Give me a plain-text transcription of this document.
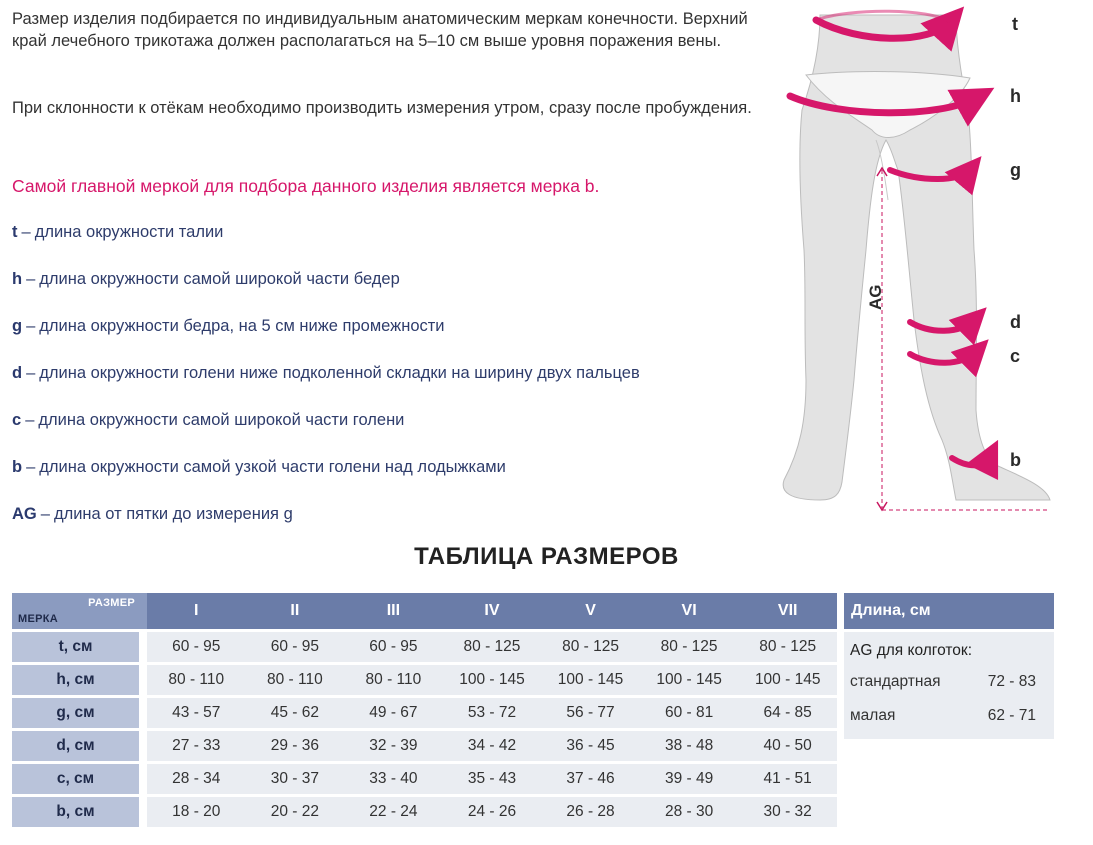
Размер изделия подбирается по индивидуальным анатомическим меркам конечности. Верхний край лечебного трикотажа должен располагаться на 5–10 см выше уровня поражения вены.

При склонности к отёкам необходимо производить измерения утром, сразу после пробуждения.

Самой главной меркой для подбора данного изделия является мерка b.

t – длина окружности талии
h – длина окружности самой широкой части бедер
g – длина окружности бедра, на 5 см ниже промежности
d – длина окружности голени ниже подколенной складки на ширину двух пальцев
c – длина окружности самой широкой части голени
b – длина окружности самой узкой части голени над лодыжками
AG – длина от пятки до измерения g
t
h
g
d
c
b
AG
ТАБЛИЦА РАЗМЕРОВ
РАЗМЕР
МЕРКА	I	II	III	IV	V	VI	VII
t, см	60 - 95	60 - 95	60 - 95	80 - 125	80 - 125	80 - 125	80 - 125
h, см	80 - 110	80 - 110	80 - 110	100 - 145	100 - 145	100 - 145	100 - 145
g, см	43 - 57	45 - 62	49 - 67	53 - 72	56 - 77	60 - 81	64 - 85
d, см	27 - 33	29 - 36	32 - 39	34 - 42	36 - 45	38 - 48	40 - 50
c, см	28 - 34	30 - 37	33 - 40	35 - 43	37 - 46	39 - 49	41 - 51
b, см	18 - 20	20 - 22	22 - 24	24 - 26	26 - 28	28 - 30	30 - 32
Длина, см
AG для колготок:
стандартная	72 - 83
малая	62 - 71
